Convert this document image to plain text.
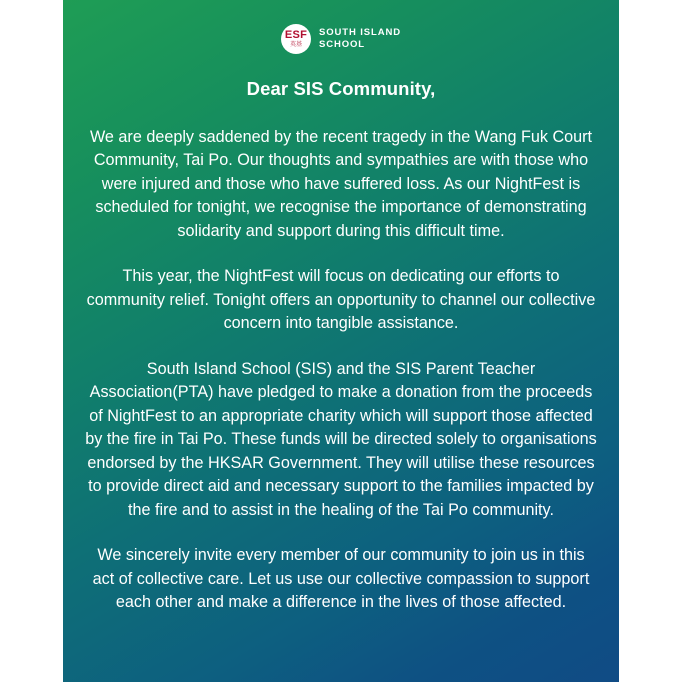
ESF
英基
SOUTH ISLAND
SCHOOL
Dear SIS Community,

We are deeply saddened by the recent tragedy in the Wang Fuk Court Community, Tai Po. Our thoughts and sympathies are with those who were injured and those who have suffered loss. As our NightFest is scheduled for tonight, we recognise the importance of demonstrating solidarity and support during this difficult time.

This year, the NightFest will focus on dedicating our efforts to community relief. Tonight offers an opportunity to channel our collective concern into tangible assistance.

South Island School (SIS) and the SIS Parent Teacher Association(PTA) have pledged to make a donation from the proceeds of NightFest to an appropriate charity which will support those affected by the fire in Tai Po. These funds will be directed solely to organisations endorsed by the HKSAR Government. They will utilise these resources to provide direct aid and necessary support to the families impacted by the fire and to assist in the healing of the Tai Po community.

We sincerely invite every member of our community to join us in this act of collective care. Let us use our collective compassion to support each other and make a difference in the lives of those affected.
